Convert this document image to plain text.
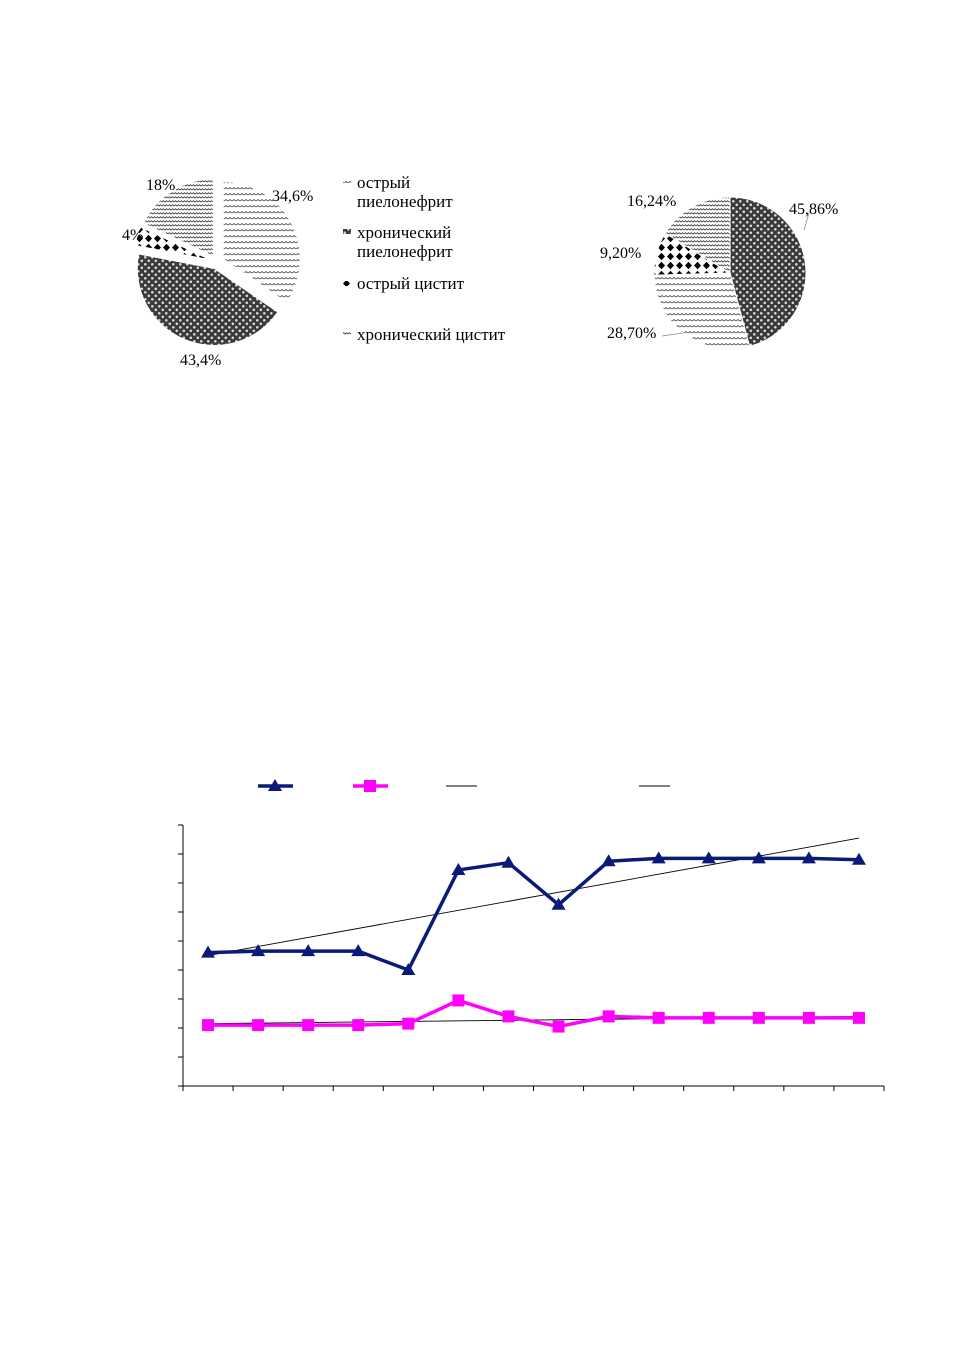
34,6%
43,4%
4%
18%	острый
пиелонефрит
хронический
пиелонефрит
острый цистит
хронический цистит
45,86%
28,70%
9,20%
16,24%
